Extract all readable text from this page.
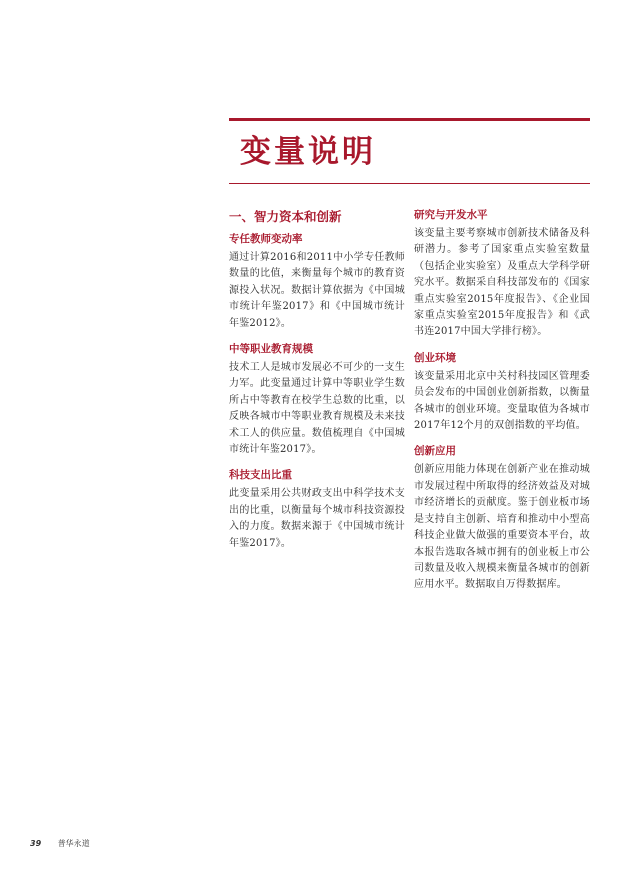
变量说明
一、智力资本和创新
专任教师变动率

通过计算2016和2011中小学专任教师数量的比值，来衡量每个城市的教育资源投入状况。数据计算依据为《中国城市统计年鉴2017》和《中国城市统计年鉴2012》。

中等职业教育规模

技术工人是城市发展必不可少的一支生力军。此变量通过计算中等职业学生数所占中等教育在校学生总数的比重，以反映各城市中等职业教育规模及未来技术工人的供应量。数值梳理自《中国城市统计年鉴2017》。

科技支出比重

此变量采用公共财政支出中科学技术支出的比重，以衡量每个城市科技资源投入的力度。数据来源于《中国城市统计年鉴2017》。

研究与开发水平

该变量主要考察城市创新技术储备及科研潜力。参考了国家重点实验室数量（包括企业实验室）及重点大学科学研究水平。数据采自科技部发布的《国家重点实验室2015年度报告》、《企业国家重点实验室2015年度报告》和《武书连2017中国大学排行榜》。

创业环境

该变量采用北京中关村科技园区管理委员会发布的中国创业创新指数，以衡量各城市的创业环境。变量取值为各城市2017年12个月的双创指数的平均值。

创新应用

创新应用能力体现在创新产业在推动城市发展过程中所取得的经济效益及对城市经济增长的贡献度。鉴于创业板市场是支持自主创新、培育和推动中小型高科技企业做大做强的重要资本平台，故本报告选取各城市拥有的创业板上市公司数量及收入规模来衡量各城市的创新应用水平。数据取自万得数据库。

39 普华永道
